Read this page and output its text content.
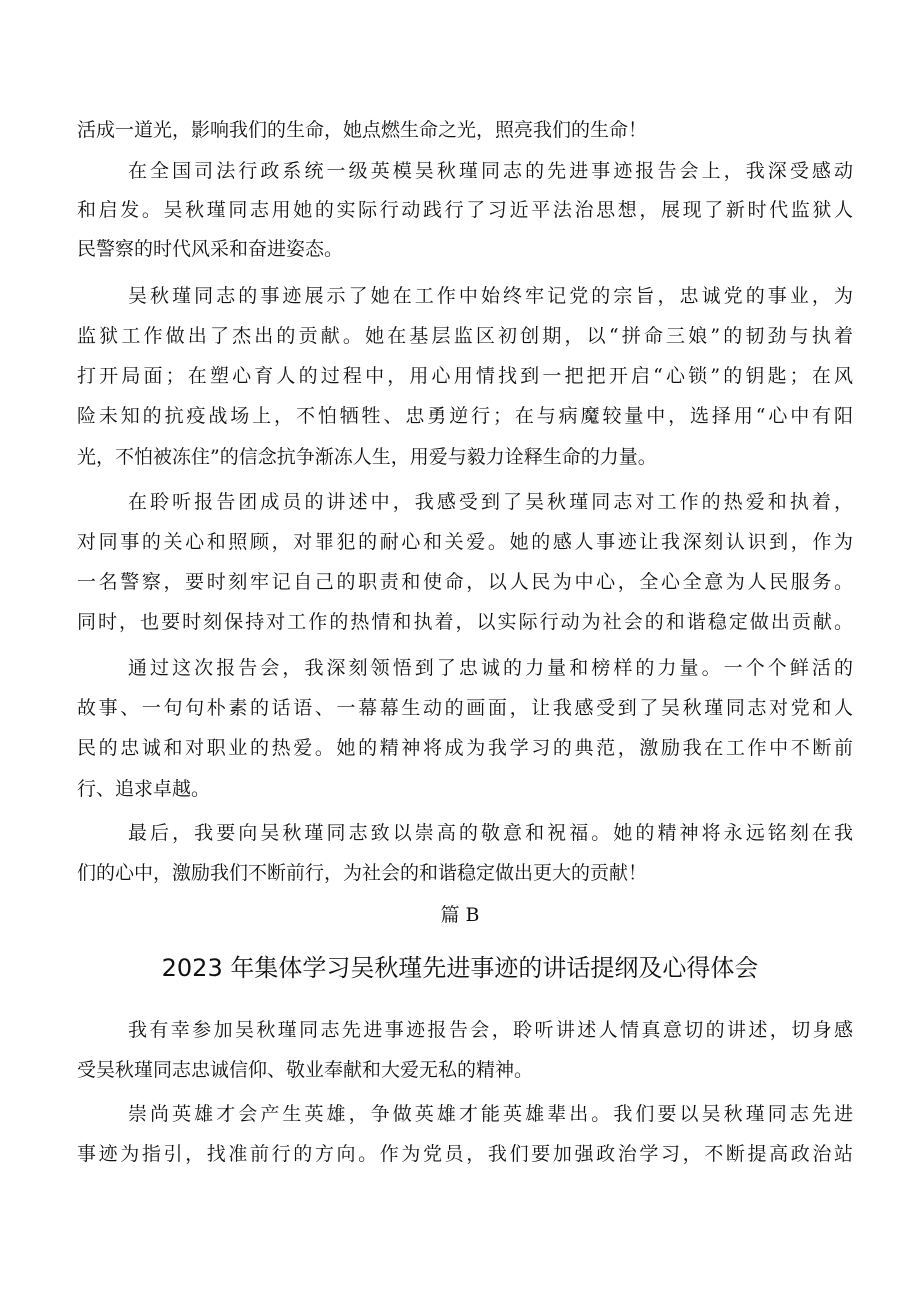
活成一道光，影响我们的生命，她点燃生命之光，照亮我们的生命！
在全国司法行政系统一级英模吴秋瑾同志的先进事迹报告会上，我深受感动
和启发。吴秋瑾同志用她的实际行动践行了习近平法治思想，展现了新时代监狱人
民警察的时代风采和奋进姿态。
吴秋瑾同志的事迹展示了她在工作中始终牢记党的宗旨，忠诚党的事业，为
监狱工作做出了杰出的贡献。她在基层监区初创期，以“拼命三娘”的韧劲与执着
打开局面；在塑心育人的过程中，用心用情找到一把把开启“心锁”的钥匙；在风
险未知的抗疫战场上，不怕牺牲、忠勇逆行；在与病魔较量中，选择用“心中有阳
光，不怕被冻住”的信念抗争渐冻人生，用爱与毅力诠释生命的力量。
在聆听报告团成员的讲述中，我感受到了吴秋瑾同志对工作的热爱和执着，
对同事的关心和照顾，对罪犯的耐心和关爱。她的感人事迹让我深刻认识到，作为
一名警察，要时刻牢记自己的职责和使命，以人民为中心，全心全意为人民服务。
同时，也要时刻保持对工作的热情和执着，以实际行动为社会的和谐稳定做出贡献。
通过这次报告会，我深刻领悟到了忠诚的力量和榜样的力量。一个个鲜活的
故事、一句句朴素的话语、一幕幕生动的画面，让我感受到了吴秋瑾同志对党和人
民的忠诚和对职业的热爱。她的精神将成为我学习的典范，激励我在工作中不断前
行、追求卓越。
最后，我要向吴秋瑾同志致以崇高的敬意和祝福。她的精神将永远铭刻在我
们的心中，激励我们不断前行，为社会的和谐稳定做出更大的贡献！
篇 B
2023 年集体学习吴秋瑾先进事迹的讲话提纲及心得体会
我有幸参加吴秋瑾同志先进事迹报告会，聆听讲述人情真意切的讲述，切身感
受吴秋瑾同志忠诚信仰、敬业奉献和大爱无私的精神。
崇尚英雄才会产生英雄，争做英雄才能英雄辈出。我们要以吴秋瑾同志先进
事迹为指引，找准前行的方向。作为党员，我们要加强政治学习，不断提高政治站
